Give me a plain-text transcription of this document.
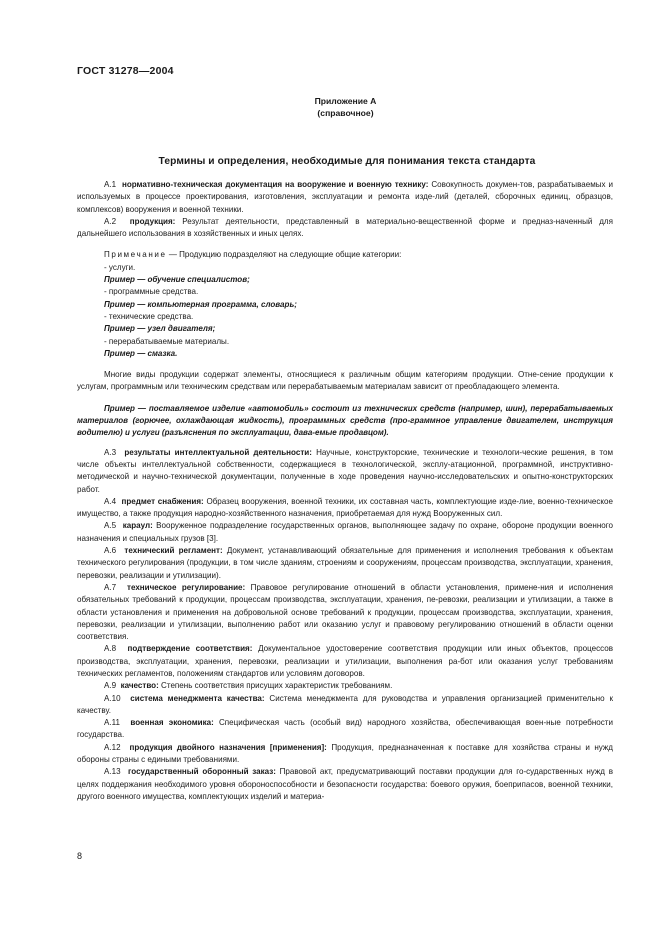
ГОСТ 31278—2004
Приложение А
(справочное)
Термины и определения, необходимые для понимания текста стандарта

А.1 нормативно-техническая документация на вооружение и военную технику: Совокупность докумен-тов, разрабатываемых и используемых в процессе проектирования, изготовления, эксплуатации и ремонта изде-лий (деталей, сборочных единиц, образцов, комплексов) вооружения и военной техники.

А.2 продукция: Результат деятельности, представленный в материально-вещественной форме и предназ-наченный для дальнейшего использования в хозяйственных и иных целях.

Примечание — Продукцию подразделяют на следующие общие категории:

- услуги.

Пример — обучение специалистов;

- программные средства.

Пример — компьютерная программа, словарь;

- технические средства.

Пример — узел двигателя;

- перерабатываемые материалы.

Пример — смазка.

Многие виды продукции содержат элементы, относящиеся к различным общим категориям продукции. Отне-сение продукции к услугам, программным или техническим средствам или перерабатываемым материалам зависит от преобладающего элемента.

Пример — поставляемое изделие «автомобиль» состоит из технических средств (например, шин), перерабатываемых материалов (горючее, охлаждающая жидкость), программных средств (про-граммное управление двигателем, инструкция водителю) и услуги (разъяснения по эксплуатации, дава-емые продавцом).

А.3 результаты интеллектуальной деятельности: Научные, конструкторские, технические и технологи-ческие решения, в том числе объекты интеллектуальной собственности, содержащиеся в технологической, эксплу-атационной, программной, инструктивно-методической и научно-технической документации, полученные в ходе проведения научно-исследовательских и опытно-конструкторских работ.

А.4 предмет снабжения: Образец вооружения, военной техники, их составная часть, комплектующие изде-лие, военно-техническое имущество, а также продукция народно-хозяйственного назначения, приобретаемая для нужд Вооруженных сил.

А.5 караул: Вооруженное подразделение государственных органов, выполняющее задачу по охране, обороне продукции военного назначения и специальных грузов [3].

А.6 технический регламент: Документ, устанавливающий обязательные для применения и исполнения требования к объектам технического регулирования (продукции, в том числе зданиям, строениям и сооружениям, процессам производства, эксплуатации, хранения, перевозки, реализации и утилизации).

А.7 техническое регулирование: Правовое регулирование отношений в области установления, примене-ния и исполнения обязательных требований к продукции, процессам производства, эксплуатации, хранения, пе-ревозки, реализации и утилизации, а также в области установления и применения на добровольной основе требований к продукции, процессам производства, эксплуатации, хранения, перевозки, реализации и утилизации, выполнению работ или оказанию услуг и правовому регулированию отношений в области оценки соответствия.

А.8 подтверждение соответствия: Документальное удостоверение соответствия продукции или иных объектов, процессов производства, эксплуатации, хранения, перевозки, реализации и утилизации, выполнения ра-бот или оказания услуг требованиям технических регламентов, положениям стандартов или условиям договоров.

А.9 качество: Степень соответствия присущих характеристик требованиям.

А.10 система менеджмента качества: Система менеджмента для руководства и управления организацией применительно к качеству.

А.11 военная экономика: Специфическая часть (особый вид) народного хозяйства, обеспечивающая воен-ные потребности государства.

А.12 продукция двойного назначения [применения]: Продукция, предназначенная к поставке для хозяйства страны и нужд обороны страны с едиными требованиями.

А.13 государственный оборонный заказ: Правовой акт, предусматривающий поставки продукции для го-сударственных нужд в целях поддержания необходимого уровня обороноспособности и безопасности государства: боевого оружия, боеприпасов, военной техники, другого военного имущества, комплектующих изделий и материа-

8
